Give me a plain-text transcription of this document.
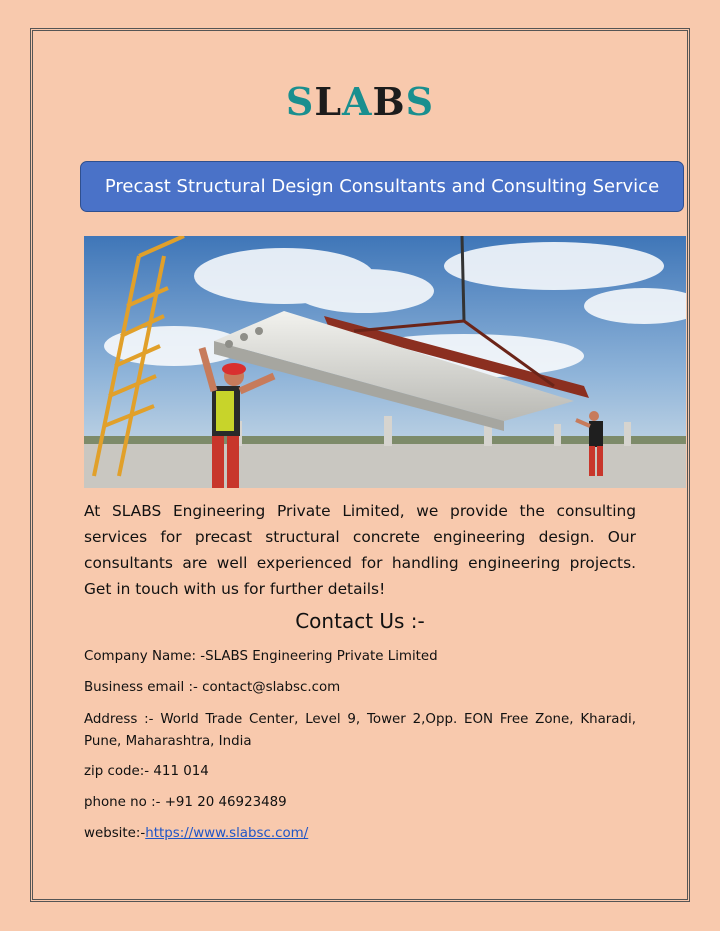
SLABS
Precast Structural Design Consultants and Consulting Service
At SLABS Engineering Private Limited, we provide the consulting services for precast structural concrete engineering design. Our consultants are well experienced for handling engineering projects. Get in touch with us for further details!
Contact Us :-
Company Name: -SLABS Engineering Private Limited
Business email :- contact@slabsc.com
Address :- World Trade Center, Level 9, Tower 2,Opp. EON Free Zone, Kharadi, Pune, Maharashtra, India
zip code:- 411 014
phone no :- +91 20 46923489
website:-https://www.slabsc.com/
